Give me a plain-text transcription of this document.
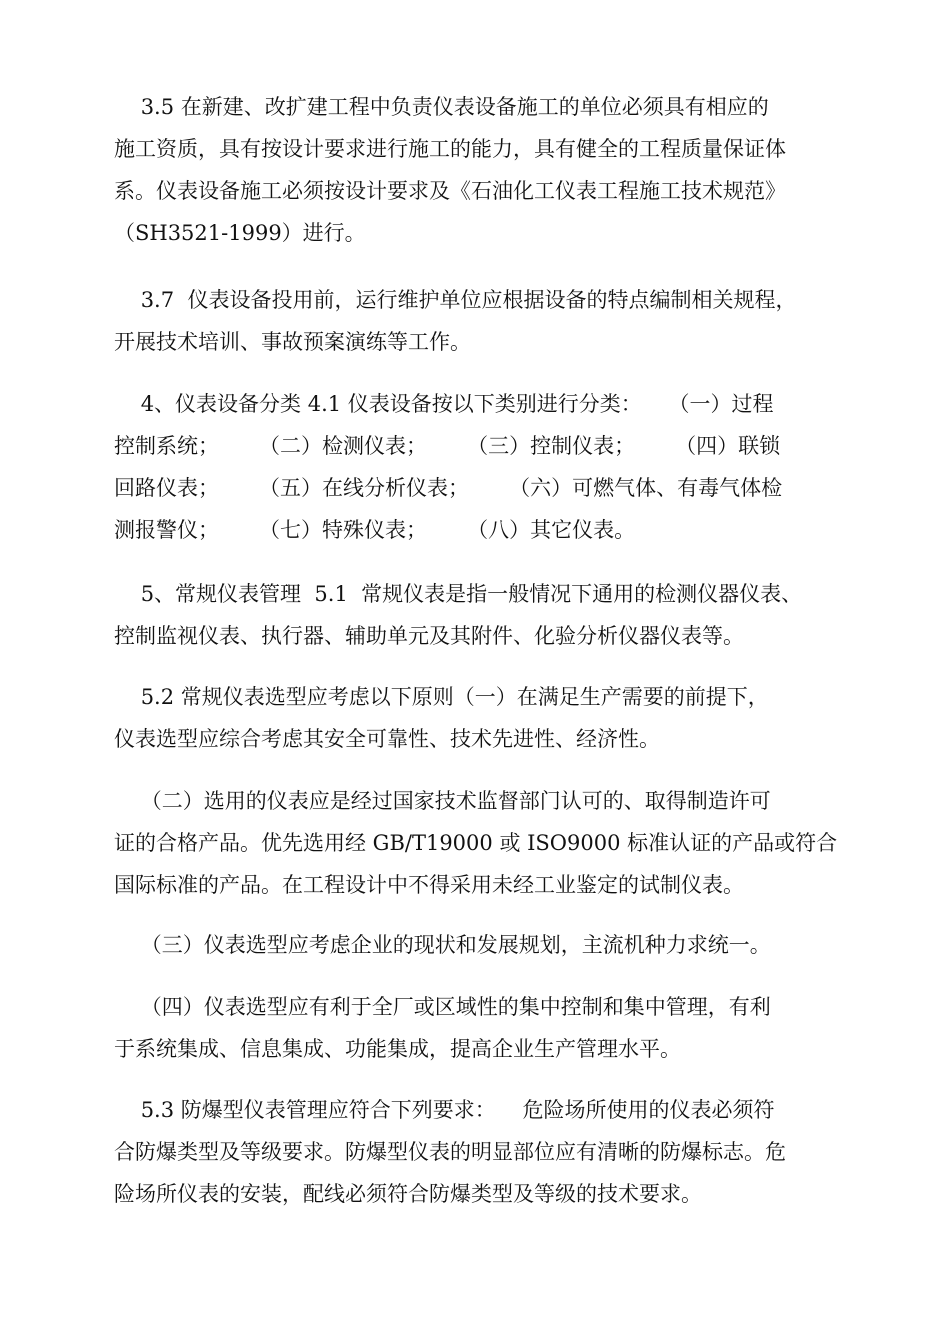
3.5 在新建、改扩建工程中负责仪表设备施工的单位必须具有相应的
施工资质，具有按设计要求进行施工的能力，具有健全的工程质量保证体
系。仪表设备施工必须按设计要求及《石油化工仪表工程施工技术规范》
（SH3521-1999）进行。

3.7  仪表设备投用前，运行维护单位应根据设备的特点编制相关规程，
开展技术培训、事故预案演练等工作。

4、仪表设备分类 4.1 仪表设备按以下类别进行分类：    （一）过程
控制系统；      （二）检测仪表；      （三）控制仪表；      （四）联锁
回路仪表；      （五）在线分析仪表；      （六）可燃气体、有毒气体检
测报警仪；      （七）特殊仪表；      （八）其它仪表。

5、常规仪表管理  5.1  常规仪表是指一般情况下通用的检测仪器仪表、
控制监视仪表、执行器、辅助单元及其附件、化验分析仪器仪表等。

5.2 常规仪表选型应考虑以下原则（一）在满足生产需要的前提下，
仪表选型应综合考虑其安全可靠性、技术先进性、经济性。

（二）选用的仪表应是经过国家技术监督部门认可的、取得制造许可
证的合格产品。优先选用经 GB/T19000 或 ISO9000 标准认证的产品或符合
国际标准的产品。在工程设计中不得采用未经工业鉴定的试制仪表。

（三）仪表选型应考虑企业的现状和发展规划，主流机种力求统一。

（四）仪表选型应有利于全厂或区域性的集中控制和集中管理，有利
于系统集成、信息集成、功能集成，提高企业生产管理水平。

5.3 防爆型仪表管理应符合下列要求：    危险场所使用的仪表必须符
合防爆类型及等级要求。防爆型仪表的明显部位应有清晰的防爆标志。危
险场所仪表的安装，配线必须符合防爆类型及等级的技术要求。
